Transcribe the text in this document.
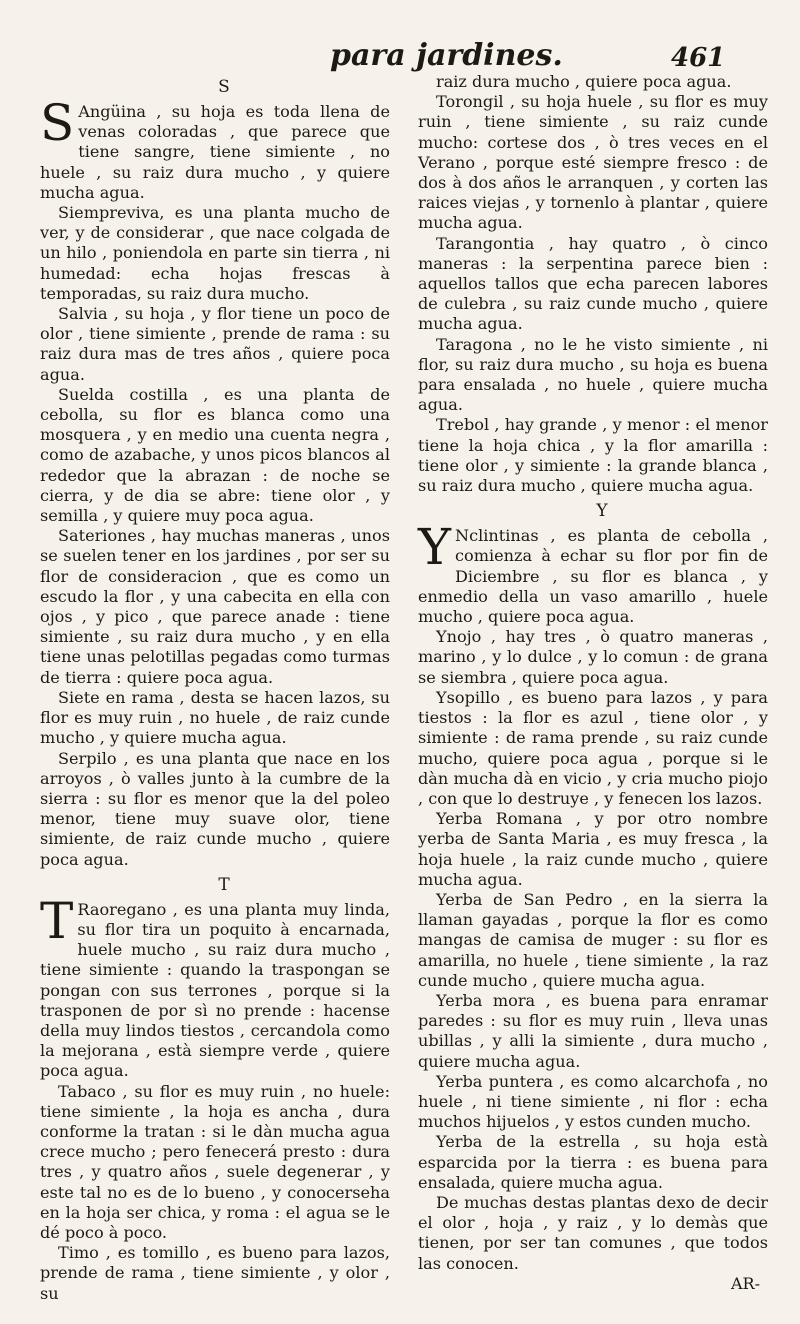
para jardines.	461

S

S Angüina , su hoja es toda llena de venas coloradas , que parece que tiene sangre, tiene simiente , no huele , su raiz dura mucho , y quiere mucha agua.

Siempreviva, es una planta mucho de ver, y de considerar , que nace colgada de un hilo , poniendola en parte sin tierra , ni humedad: echa hojas frescas à temporadas, su raiz dura mucho.

Salvia , su hoja , y flor tiene un poco de olor , tiene simiente , prende de rama : su raiz dura mas de tres años , quiere poca agua.

Suelda costilla , es una planta de cebolla, su flor es blanca como una mosquera , y en medio una cuenta negra , como de azabache, y unos picos blancos al rededor que la abrazan : de noche se cierra, y de dia se abre: tiene olor , y semilla , y quiere muy poca agua.

Sateriones , hay muchas maneras , unos se suelen tener en los jardines , por ser su flor de consideracion , que es como un escudo la flor , y una cabecita en ella con ojos , y pico , que parece anade : tiene simiente , su raiz dura mucho , y en ella tiene unas pelotillas pegadas como turmas de tierra : quiere poca agua.

Siete en rama , desta se hacen lazos, su flor es muy ruin , no huele , de raiz cunde mucho , y quiere mucha agua.

Serpilo , es una planta que nace en los arroyos , ò valles junto à la cumbre de la sierra : su flor es menor que la del poleo menor, tiene muy suave olor, tiene simiente, de raiz cunde mucho , quiere poca agua.

T

T Raoregano , es una planta muy linda, su flor tira un poquito à encarnada, huele mucho , su raiz dura mucho , tiene simiente : quando la traspongan se pongan con sus terrones , porque si la trasponen de por sì no prende : hacense della muy lindos tiestos , cercandola como la mejorana , està siempre verde , quiere poca agua.

Tabaco , su flor es muy ruin , no huele: tiene simiente , la hoja es ancha , dura conforme la tratan : si le dàn mucha agua crece mucho ; pero fenecerá presto : dura tres , y quatro años , suele degenerar , y este tal no es de lo bueno , y conocerseha en la hoja ser chica, y roma : el agua se le dé poco à poco.

Timo , es tomillo , es bueno para lazos, prende de rama , tiene simiente , y olor , su

raiz dura mucho , quiere poca agua.

Torongil , su hoja huele , su flor es muy ruin , tiene simiente , su raiz cunde mucho: cortese dos , ò tres veces en el Verano , porque esté siempre fresco : de dos à dos años le arranquen , y corten las raices viejas , y tornenlo à plantar , quiere mucha agua.

Tarangontia , hay quatro , ò cinco maneras : la serpentina parece bien : aquellos tallos que echa parecen labores de culebra , su raiz cunde mucho , quiere mucha agua.

Taragona , no le he visto simiente , ni flor, su raiz dura mucho , su hoja es buena para ensalada , no huele , quiere mucha agua.

Trebol , hay grande , y menor : el menor tiene la hoja chica , y la flor amarilla : tiene olor , y simiente : la grande blanca , su raiz dura mucho , quiere mucha agua.

Y

Y Nclintinas , es planta de cebolla , comienza à echar su flor por fin de Diciembre , su flor es blanca , y enmedio della un vaso amarillo , huele mucho , quiere poca agua.

Ynojo , hay tres , ò quatro maneras , marino , y lo dulce , y lo comun : de grana se siembra , quiere poca agua.

Ysopillo , es bueno para lazos , y para tiestos : la flor es azul , tiene olor , y simiente : de rama prende , su raiz cunde mucho, quiere poca agua , porque si le dàn mucha dà en vicio , y cria mucho piojo , con que lo destruye , y fenecen los lazos.

Yerba Romana , y por otro nombre yerba de Santa Maria , es muy fresca , la hoja huele , la raiz cunde mucho , quiere mucha agua.

Yerba de San Pedro , en la sierra la llaman gayadas , porque la flor es como mangas de camisa de muger : su flor es amarilla, no huele , tiene simiente , la raz cunde mucho , quiere mucha agua.

Yerba mora , es buena para enramar paredes : su flor es muy ruin , lleva unas ubillas , y alli la simiente , dura mucho , quiere mucha agua.

Yerba puntera , es como alcarchofa , no huele , ni tiene simiente , ni flor : echa muchos hijuelos , y estos cunden mucho.

Yerba de la estrella , su hoja està esparcida por la tierra : es buena para ensalada, quiere mucha agua.

De muchas destas plantas dexo de decir el olor , hoja , y raiz , y lo demàs que tienen, por ser tan comunes , que todos las conocen.

AR-
